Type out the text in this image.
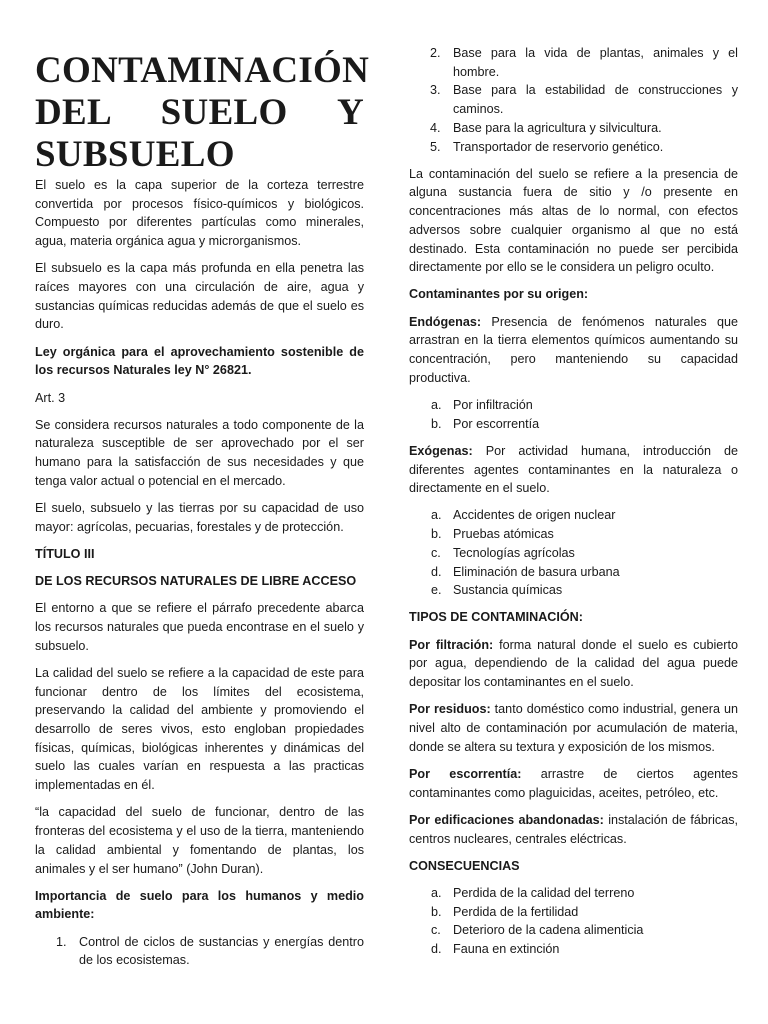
CONTAMINACIÓN
DEL SUELO Y
SUBSUELO

El suelo es la capa superior de la corteza terrestre convertida por procesos físico-químicos y biológicos. Compuesto por diferentes partículas como minerales, agua, materia orgánica agua y microrganismos.

El subsuelo es la capa más profunda en ella penetra las raíces mayores con una circulación de aire, agua y sustancias químicas reducidas además de que el suelo es duro.

Ley orgánica para el aprovechamiento sostenible de los recursos Naturales ley N° 26821.

Art. 3

Se considera recursos naturales a todo componente de la naturaleza susceptible de ser aprovechado por el ser humano para la satisfacción de sus necesidades y que tenga valor actual o potencial en el mercado.

El suelo, subsuelo y las tierras por su capacidad de uso mayor: agrícolas, pecuarias, forestales y de protección.

TÍTULO III

DE LOS RECURSOS NATURALES DE LIBRE ACCESO

El entorno a que se refiere el párrafo precedente abarca los recursos naturales que pueda encontrase en el suelo y subsuelo.

La calidad del suelo se refiere a la capacidad de este para funcionar dentro de los límites del ecosistema, preservando la calidad del ambiente y promoviendo el desarrollo de seres vivos, esto engloban propiedades físicas, químicas, biológicas inherentes y dinámicas del suelo las cuales varían en respuesta a las practicas implementadas en él.

“la capacidad del suelo de funcionar, dentro de las fronteras del ecosistema y el uso de la tierra, manteniendo la calidad ambiental y fomentando de plantas, los animales y el ser humano” (John Duran).

Importancia de suelo para los humanos y medio ambiente:

1. Control de ciclos de sustancias y energías dentro de los ecosistemas.
2. Base para la vida de plantas, animales y el hombre.
3. Base para la estabilidad de construcciones y caminos.
4. Base para la agricultura y silvicultura.
5. Transportador de reservorio genético.

La contaminación del suelo se refiere a la presencia de alguna sustancia fuera de sitio y /o presente en concentraciones más altas de lo normal, con efectos adversos sobre cualquier organismo al que no está destinado. Esta contaminación no puede ser percibida directamente por ello se le considera un peligro oculto.

Contaminantes por su origen:

Endógenas: Presencia de fenómenos naturales que arrastran en la tierra elementos químicos aumentando su concentración, pero manteniendo su capacidad productiva.

a. Por infiltración
b. Por escorrentía

Exógenas: Por actividad humana, introducción de diferentes agentes contaminantes en la naturaleza o directamente en el suelo.

a. Accidentes de origen nuclear
b. Pruebas atómicas
c. Tecnologías agrícolas
d. Eliminación de basura urbana
e. Sustancia químicas

TIPOS DE CONTAMINACIÓN:

Por filtración: forma natural donde el suelo es cubierto por agua, dependiendo de la calidad del agua puede depositar los contaminantes en el suelo.

Por residuos: tanto doméstico como industrial, genera un nivel alto de contaminación por acumulación de materia, donde se altera su textura y exposición de los mismos.

Por escorrentía: arrastre de ciertos agentes contaminantes como plaguicidas, aceites, petróleo, etc.

Por edificaciones abandonadas: instalación de fábricas, centros nucleares, centrales eléctricas.

CONSECUENCIAS

a. Perdida de la calidad del terreno
b. Perdida de la fertilidad
c. Deterioro de la cadena alimenticia
d. Fauna en extinción
